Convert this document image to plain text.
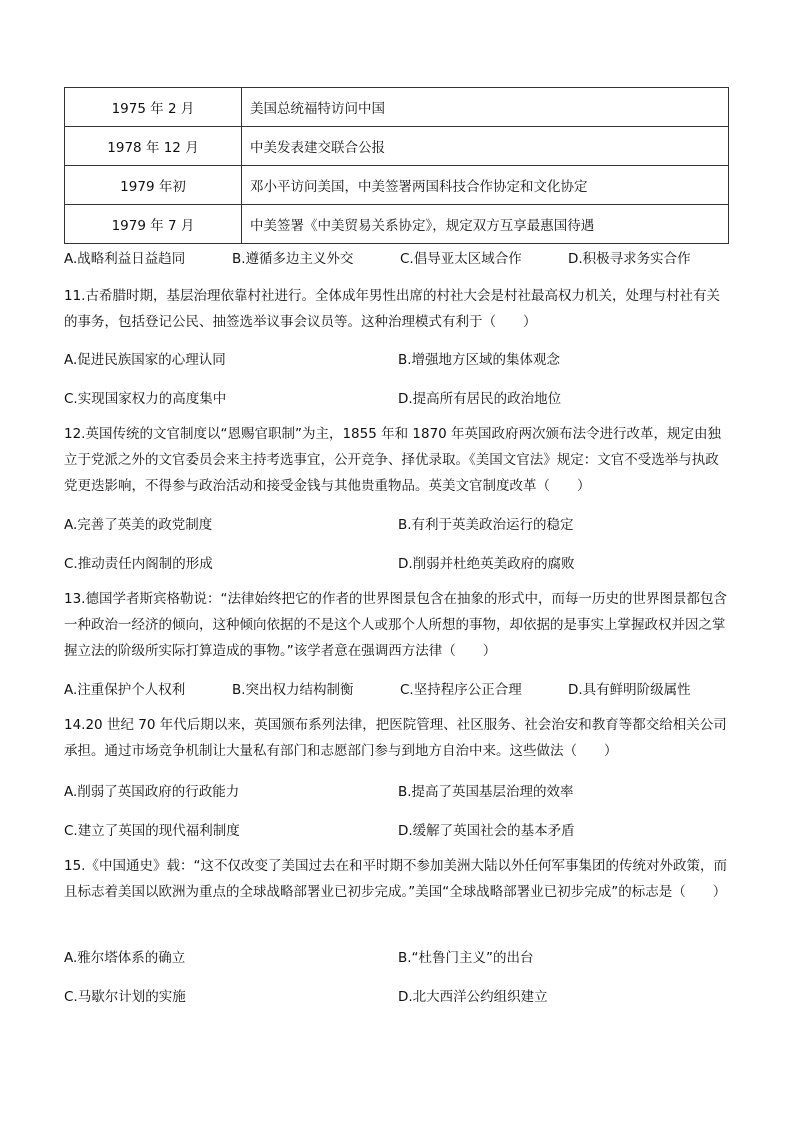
1975 年 2 月	美国总统福特访问中国
1978 年 12 月	中美发表建交联合公报
1979 年初	邓小平访问美国，中美签署两国科技合作协定和文化协定
1979 年 7 月	中美签署《中美贸易关系协定》，规定双方互享最惠国待遇
A.战略利益日益趋同	B.遵循多边主义外交	C.倡导亚太区域合作	D.积极寻求务实合作

11.古希腊时期，基层治理依靠村社进行。全体成年男性出席的村社大会是村社最高权力机关，处理与村社有关的事务，包括登记公民、抽签选举议事会议员等。这种治理模式有利于（　　）

A.促进民族国家的心理认同	B.增强地方区域的集体观念
C.实现国家权力的高度集中	D.提高所有居民的政治地位

12.英国传统的文官制度以“恩赐官职制”为主，1855 年和 1870 年英国政府两次颁布法令进行改革，规定由独立于党派之外的文官委员会来主持考选事宜，公开竞争、择优录取。《美国文官法》规定：文官不受选举与执政党更迭影响，不得参与政治活动和接受金钱与其他贵重物品。英美文官制度改革（　　）

A.完善了英美的政党制度	B.有利于英美政治运行的稳定
C.推动责任内阁制的形成	D.削弱并杜绝英美政府的腐败

13.德国学者斯宾格勒说：“法律始终把它的作者的世界图景包含在抽象的形式中，而每一历史的世界图景都包含一种政治一经济的倾向，这种倾向依据的不是这个人或那个人所想的事物，却依据的是事实上掌握政权并因之掌握立法的阶级所实际打算造成的事物。”该学者意在强调西方法律（　　）

A.注重保护个人权利	B.突出权力结构制衡	C.坚持程序公正合理	D.具有鲜明阶级属性

14.20 世纪 70 年代后期以来，英国颁布系列法律，把医院管理、社区服务、社会治安和教育等都交给相关公司承担。通过市场竞争机制让大量私有部门和志愿部门参与到地方自治中来。这些做法（　　）

A.削弱了英国政府的行政能力	B.提高了英国基层治理的效率
C.建立了英国的现代福利制度	D.缓解了英国社会的基本矛盾

15.《中国通史》载：“这不仅改变了美国过去在和平时期不参加美洲大陆以外任何军事集团的传统对外政策，而且标志着美国以欧洲为重点的全球战略部署业已初步完成。”美国“全球战略部署业已初步完成”的标志是（　　）

A.雅尔塔体系的确立	B.“杜鲁门主义”的出台
C.马歇尔计划的实施	D.北大西洋公约组织建立
